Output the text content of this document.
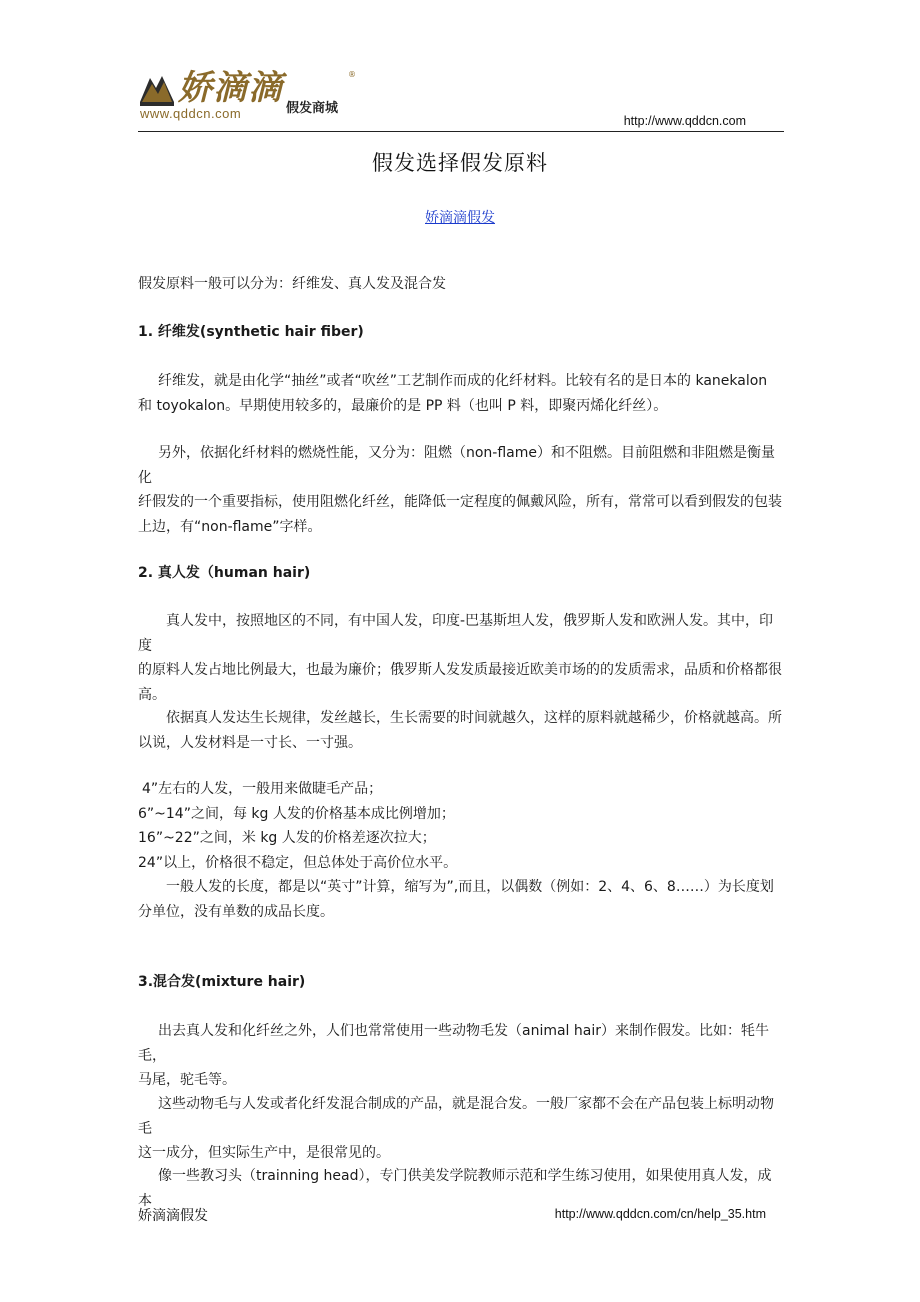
娇滴滴	®
www.qddcn.com	假发商城
http://www.qddcn.com
假发选择假发原料
娇滴滴假发

假发原料一般可以分为：纤维发、真人发及混合发

1. 纤维发(synthetic hair fiber)

纤维发，就是由化学“抽丝”或者“吹丝”工艺制作而成的化纤材料。比较有名的是日本的 kanekalon

和 toyokalon。早期使用较多的，最廉价的是 PP 料（也叫 P 料，即聚丙烯化纤丝）。

另外，依据化纤材料的燃烧性能，又分为：阻燃（non-flame）和不阻燃。目前阻燃和非阻燃是衡量化

纤假发的一个重要指标，使用阻燃化纤丝，能降低一定程度的佩戴风险，所有，常常可以看到假发的包装

上边，有“non-flame”字样。

2. 真人发（human hair)

真人发中，按照地区的不同，有中国人发，印度-巴基斯坦人发，俄罗斯人发和欧洲人发。其中，印度

的原料人发占地比例最大，也最为廉价；俄罗斯人发发质最接近欧美市场的的发质需求，品质和价格都很

高。

依据真人发达生长规律，发丝越长，生长需要的时间就越久，这样的原料就越稀少，价格就越高。所

以说，人发材料是一寸长、一寸强。

4”左右的人发，一般用来做睫毛产品；

6”~14”之间，每 kg 人发的价格基本成比例增加；

16”~22”之间，米 kg 人发的价格差逐次拉大；

24”以上，价格很不稳定，但总体处于高价位水平。

一般人发的长度，都是以“英寸”计算，缩写为”,而且，以偶数（例如：2、4、6、8……）为长度划

分单位，没有单数的成品长度。

3.混合发(mixture hair)

出去真人发和化纤丝之外，人们也常常使用一些动物毛发（animal hair）来制作假发。比如：牦牛毛，

马尾，驼毛等。

这些动物毛与人发或者化纤发混合制成的产品，就是混合发。一般厂家都不会在产品包装上标明动物毛

这一成分，但实际生产中，是很常见的。

像一些教习头（trainning head），专门供美发学院教师示范和学生练习使用，如果使用真人发，成本

娇滴滴假发	http://www.qddcn.com/cn/help_35.htm
